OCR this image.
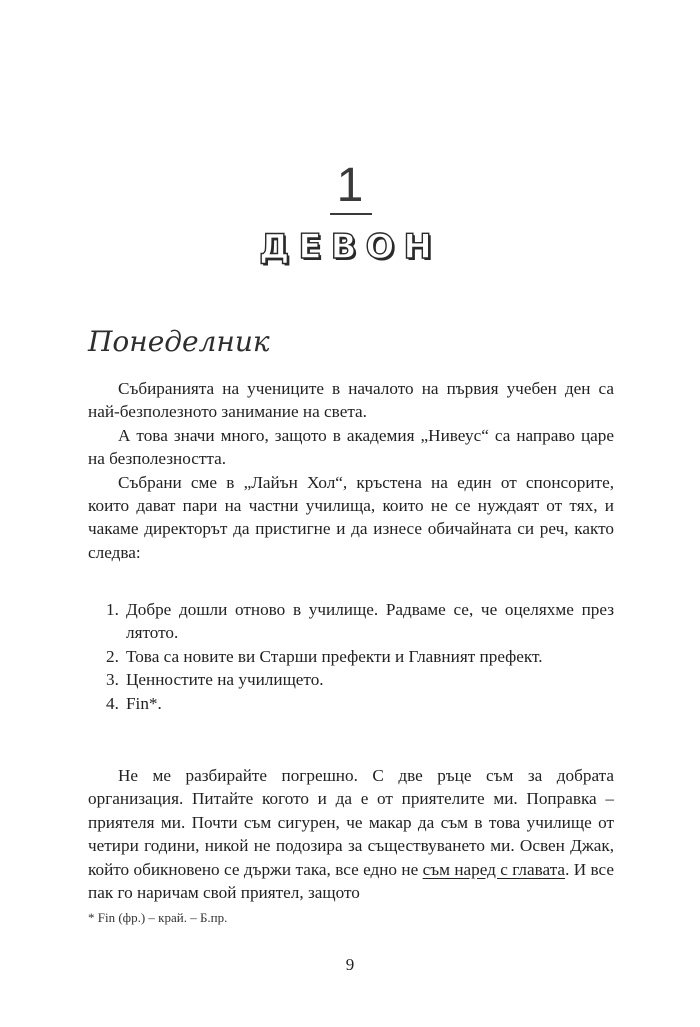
1
ДЕВОН
Понеделник

Събиранията на учениците в началото на първия учебен ден са най-безполезното занимание на света.

А това значи много, защото в академия „Нивеус“ са направо царе на безполезността.

Събрани сме в „Лайън Хол“, кръстена на един от спонсорите, които дават пари на частни училища, които не се нуждаят от тях, и чакаме директорът да пристигне и да изнесе обичайната си реч, както следва:

1. Добре дошли отново в училище. Радваме се, че оцеляхме през лятото.
2. Това са новите ви Старши префекти и Главният префект.
3. Ценностите на училището.
4. Fin*.

Не ме разбирайте погрешно. С две ръце съм за добрата организация. Питайте когото и да е от приятелите ми. Поправка – приятеля ми. Почти съм сигурен, че макар да съм в това училище от четири години, никой не подозира за съществуването ми. Освен Джак, който обикновено се държи така, все едно не съм наред с главата. И все пак го наричам свой приятел, защото

* Fin (фр.) – край. – Б.пр.
9
